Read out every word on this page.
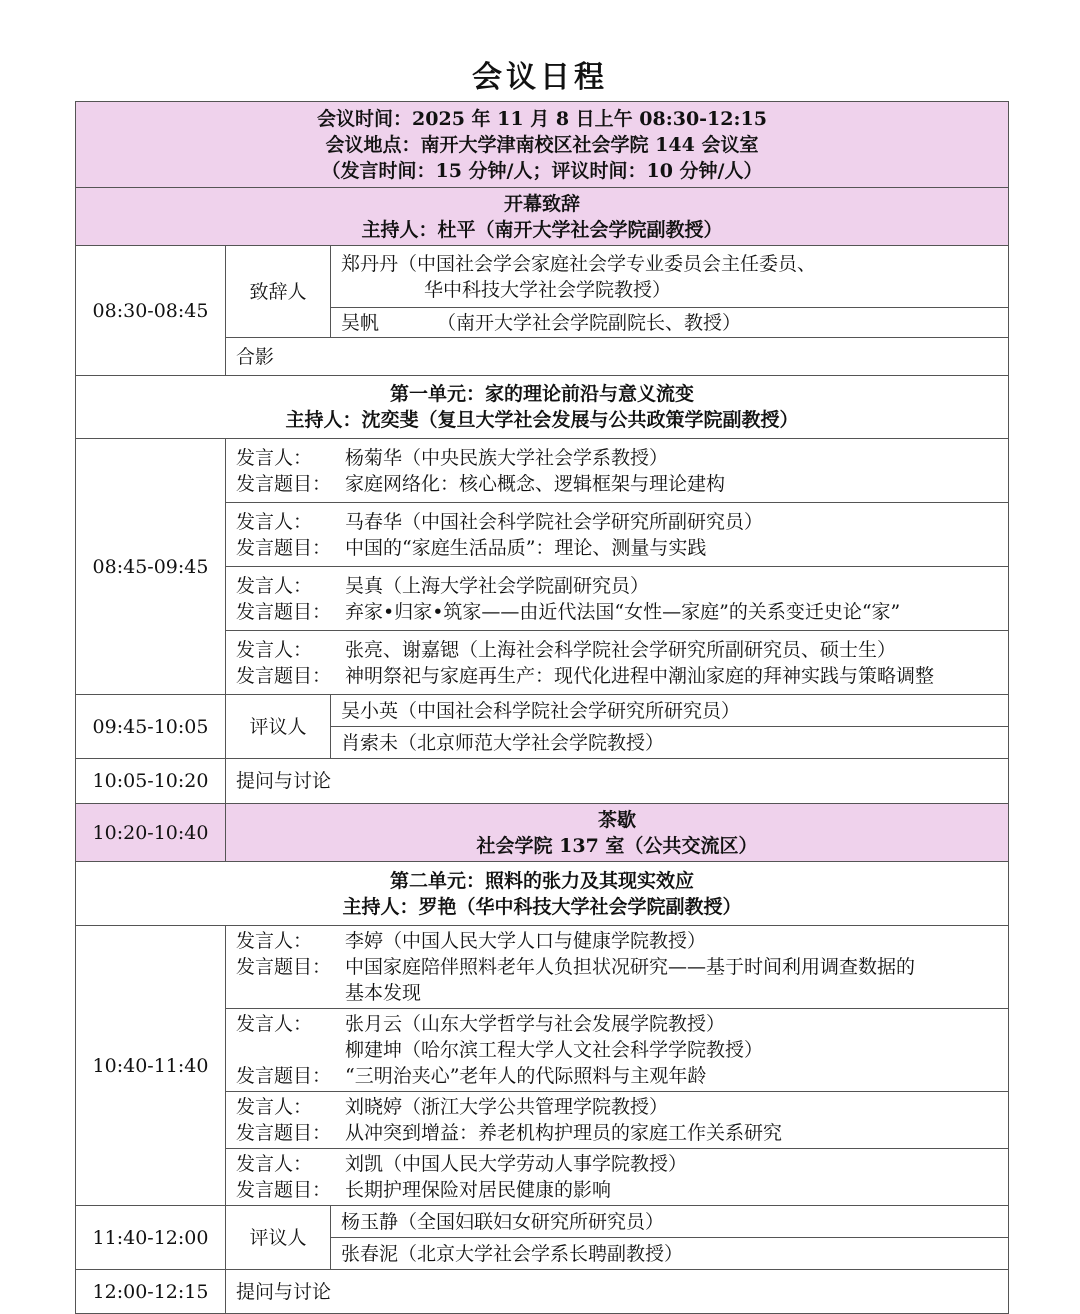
会议日程
会议时间：2025 年 11 月 8 日上午 08:30-12:15
会议地点：南开大学津南校区社会学院 144 会议室
（发言时间：15 分钟/人；评议时间：10 分钟/人）		

开幕致辞
主持人：杜平（南开大学社会学院副教授）		

08:30-08:45	致辞人	郑丹丹（中国社会学会家庭社会学专业委员会主任委员、
华中科技大学社会学院教授）

		吴帆 （南开大学社会学院副院长、教授）

	合影	

第一单元：家的理论前沿与意义流变
主持人：沈奕斐（复旦大学社会发展与公共政策学院副教授）		

08:45-09:45	发言人： 杨菊华（中央民族大学社会学系教授）
发言题目： 家庭网络化：核心概念、逻辑框架与理论建构	

	发言人： 马春华（中国社会科学院社会学研究所副研究员）
发言题目： 中国的“家庭生活品质”：理论、测量与实践	

	发言人： 吴真（上海大学社会学院副研究员）
发言题目： 弃家•归家•筑家——由近代法国“女性—家庭”的关系变迁史论“家”	

	发言人： 张亮、谢嘉锶（上海社会科学院社会学研究所副研究员、硕士生）
发言题目： 神明祭祀与家庭再生产：现代化进程中潮汕家庭的拜神实践与策略调整	

09:45-10:05	评议人	吴小英（中国社会科学院社会学研究所研究员）
		肖索未（北京师范大学社会学院教授）
10:05-10:20	提问与讨论	
10:20-10:40	茶歇
社会学院 137 室（公共交流区）	

第二单元：照料的张力及其现实效应
主持人：罗艳（华中科技大学社会学院副教授）		

10:40-11:40	发言人： 李婷（中国人民大学人口与健康学院教授）
发言题目： 中国家庭陪伴照料老年人负担状况研究——基于时间利用调查数据的
基本发现	

	发言人： 张月云（山东大学哲学与社会发展学院教授）
柳建坤（哈尔滨工程大学人文社会科学学院教授）
发言题目： “三明治夹心”老年人的代际照料与主观年龄	

	发言人： 刘晓婷（浙江大学公共管理学院教授）
发言题目： 从冲突到增益：养老机构护理员的家庭工作关系研究	

	发言人： 刘凯（中国人民大学劳动人事学院教授）
发言题目： 长期护理保险对居民健康的影响	

11:40-12:00	评议人	杨玉静（全国妇联妇女研究所研究员）
		张春泥（北京大学社会学系长聘副教授）
12:00-12:15	提问与讨论	
